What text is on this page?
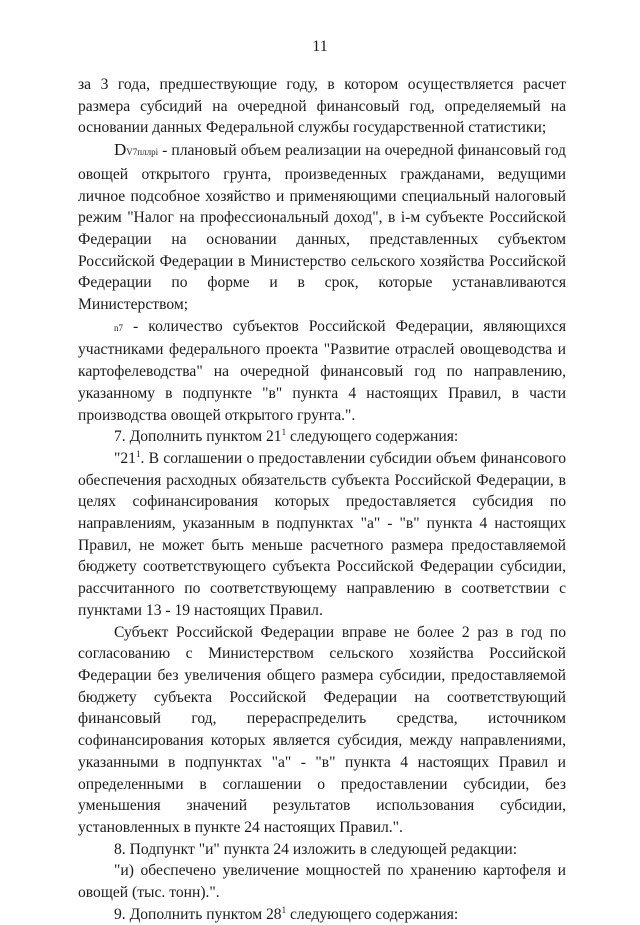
11

за 3 года, предшествующие году, в котором осуществляется расчет размера субсидий на очередной финансовый год, определяемый на основании данных Федеральной службы государственной статистики;

DV7пллрi - плановый объем реализации на очередной финансовый год овощей открытого грунта, произведенных гражданами, ведущими личное подсобное хозяйство и применяющими специальный налоговый режим "Налог на профессиональный доход", в i-м субъекте Российской Федерации на основании данных, представленных субъектом Российской Федерации в Министерство сельского хозяйства Российской Федерации по форме и в срок, которые устанавливаются Министерством;

n7 - количество субъектов Российской Федерации, являющихся участниками федерального проекта "Развитие отраслей овощеводства и картофелеводства" на очередной финансовый год по направлению, указанному в подпункте "в" пункта 4 настоящих Правил, в части производства овощей открытого грунта.".

7. Дополнить пунктом $21^1$ следующего содержания:

"$21^1$. В соглашении о предоставлении субсидии объем финансового обеспечения расходных обязательств субъекта Российской Федерации, в целях софинансирования которых предоставляется субсидия по направлениям, указанным в подпунктах "а" - "в" пункта 4 настоящих Правил, не может быть меньше расчетного размера предоставляемой бюджету соответствующего субъекта Российской Федерации субсидии, рассчитанного по соответствующему направлению в соответствии с пунктами 13 - 19 настоящих Правил.

Субъект Российской Федерации вправе не более 2 раз в год по согласованию с Министерством сельского хозяйства Российской Федерации без увеличения общего размера субсидии, предоставляемой бюджету субъекта Российской Федерации на соответствующий финансовый год, перераспределить средства, источником софинансирования которых является субсидия, между направлениями, указанными в подпунктах "а" - "в" пункта 4 настоящих Правил и определенными в соглашении о предоставлении субсидии, без уменьшения значений результатов использования субсидии, установленных в пункте 24 настоящих Правил.".

8. Подпункт "и" пункта 24 изложить в следующей редакции:

"и) обеспечено увеличение мощностей по хранению картофеля и овощей (тыс. тонн).".

9. Дополнить пунктом $28^1$ следующего содержания:
